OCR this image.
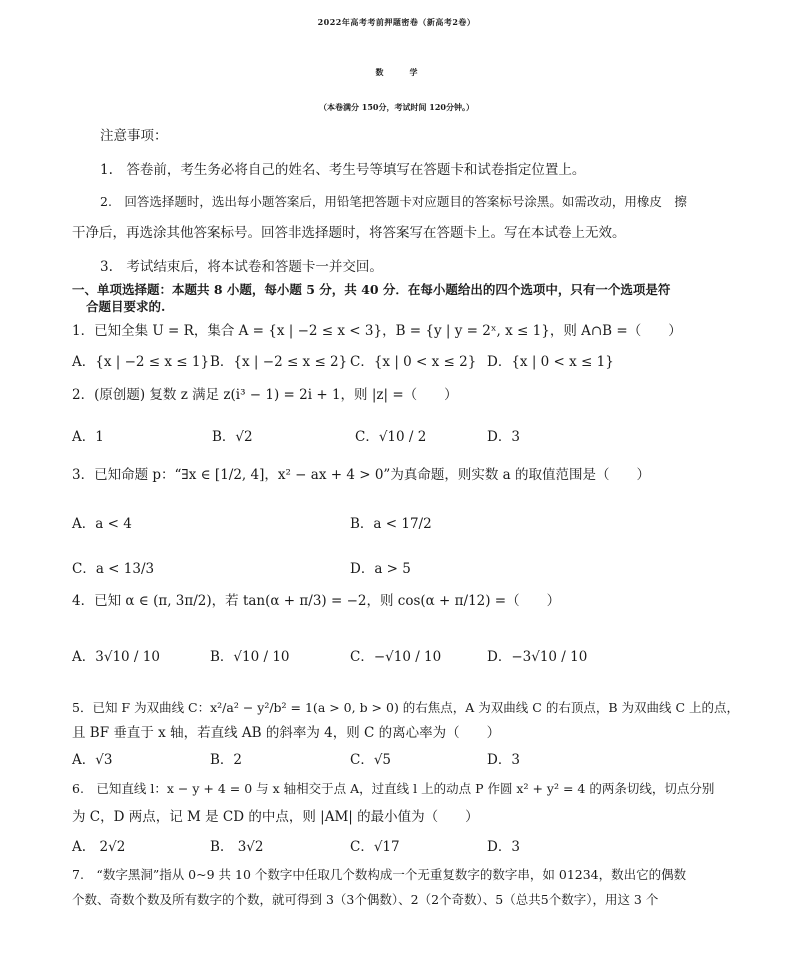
2022年高考考前押题密卷（新高考2卷）
数学
（本卷满分 150分，考试时间 120分钟。）
注意事项：
1.　答卷前，考生务必将自己的姓名、考生号等填写在答题卡和试卷指定位置上。
2.　回答选择题时，选出每小题答案后，用铅笔把答题卡对应题目的答案标号涂黑。如需改动，用橡皮　擦
干净后，再选涂其他答案标号。回答非选择题时，将答案写在答题卡上。写在本试卷上无效。
3.　考试结束后，将本试卷和答题卡一并交回。
一、单项选择题：本题共 8 小题，每小题 5 分，共 40 分．在每小题给出的四个选项中，只有一个选项是符
合题目要求的.
1．已知全集 U = R，集合 A = {x | −2 ≤ x < 3}，B = {y | y = 2ˣ, x ≤ 1}，则 A∩B =（　　）
A．{x | −2 ≤ x ≤ 1} B．{x | −2 ≤ x ≤ 2} C．{x | 0 < x ≤ 2} D．{x | 0 < x ≤ 1}
2．(原创题) 复数 z 满足 z(i³ − 1) = 2i + 1，则 |z| =（　　）
A．1	B．√2	C．√10 / 2	D．3
3．已知命题 p：“∃x ∈ [1/2, 4]，x² − ax + 4 > 0”为真命题，则实数 a 的取值范围是（　　）
A．a < 4	B．a < 17/2
C．a < 13/3	D．a > 5
4．已知 α ∈ (π, 3π/2)，若 tan(α + π/3) = −2，则 cos(α + π/12) =（　　）
A．3√10 / 10	B．√10 / 10	C．−√10 / 10	D．−3√10 / 10
5．已知 F 为双曲线 C：x²/a² − y²/b² = 1(a > 0, b > 0) 的右焦点，A 为双曲线 C 的右顶点，B 为双曲线 C 上的点，
且 BF 垂直于 x 轴，若直线 AB 的斜率为 4，则 C 的离心率为（　　）
A．√3	B．2	C．√5	D．3
6.　已知直线 l：x − y + 4 = 0 与 x 轴相交于点 A，过直线 l 上的动点 P 作圆 x² + y² = 4 的两条切线，切点分别
为 C，D 两点，记 M 是 CD 的中点，则 |AM| 的最小值为（　　）
A.　2√2	B.　3√2	C．√17	D．3
7.　“数字黑洞”指从 0~9 共 10 个数字中任取几个数构成一个无重复数字的数字串，如 01234，数出它的偶数
个数、奇数个数及所有数字的个数，就可得到 3（3个偶数）、2（2个奇数）、5（总共5个数字），用这 3 个
